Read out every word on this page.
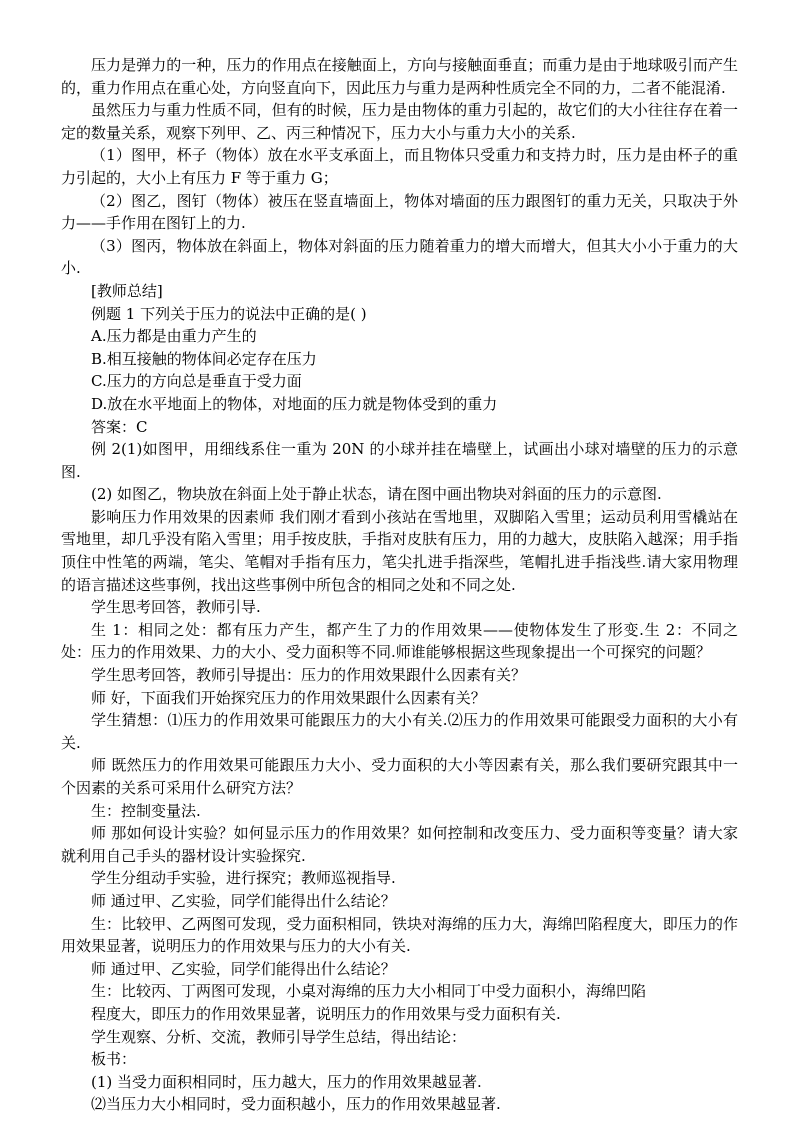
压力是弹力的一种，压力的作用点在接触面上，方向与接触面垂直；而重力是由于地球吸引而产生的，重力作用点在重心处，方向竖直向下，因此压力与重力是两种性质完全不同的力，二者不能混淆.

虽然压力与重力性质不同，但有的时候，压力是由物体的重力引起的，故它们的大小往往存在着一定的数量关系，观察下列甲、乙、丙三种情况下，压力大小与重力大小的关系.

（1）图甲，杯子（物体）放在水平支承面上，而且物体只受重力和支持力时，压力是由杯子的重力引起的，大小上有压力 F 等于重力 G；

（2）图乙，图钉（物体）被压在竖直墙面上，物体对墙面的压力跟图钉的重力无关，只取决于外力——手作用在图钉上的力.

（3）图丙，物体放在斜面上，物体对斜面的压力随着重力的增大而增大，但其大小小于重力的大小.

[教师总结]

例题 1 下列关于压力的说法中正确的是( )

A.压力都是由重力产生的

B.相互接触的物体间必定存在压力

C.压力的方向总是垂直于受力面

D.放在水平地面上的物体，对地面的压力就是物体受到的重力

答案：C

例 2(1)如图甲，用细线系住一重为 20N 的小球并挂在墙壁上，试画出小球对墙壁的压力的示意图.

(2) 如图乙，物块放在斜面上处于静止状态，请在图中画出物块对斜面的压力的示意图.

影响压力作用效果的因素师 我们刚才看到小孩站在雪地里，双脚陷入雪里；运动员利用雪橇站在雪地里，却几乎没有陷入雪里；用手按皮肤，手指对皮肤有压力，用的力越大，皮肤陷入越深；用手指顶住中性笔的两端，笔尖、笔帽对手指有压力，笔尖扎进手指深些，笔帽扎进手指浅些.请大家用物理的语言描述这些事例，找出这些事例中所包含的相同之处和不同之处.

学生思考回答，教师引导.

生 1：相同之处：都有压力产生，都产生了力的作用效果——使物体发生了形变.生 2：不同之处：压力的作用效果、力的大小、受力面积等不同.师谁能够根据这些现象提出一个可探究的问题？

学生思考回答，教师引导提出：压力的作用效果跟什么因素有关？

师 好，下面我们开始探究压力的作用效果跟什么因素有关？

学生猜想：⑴压力的作用效果可能跟压力的大小有关.⑵压力的作用效果可能跟受力面积的大小有关.

师 既然压力的作用效果可能跟压力大小、受力面积的大小等因素有关，那么我们要研究跟其中一个因素的关系可采用什么研究方法？

生：控制变量法.

师 那如何设计实验？如何显示压力的作用效果？如何控制和改变压力、受力面积等变量？请大家就利用自己手头的器材设计实验探究.

学生分组动手实验，进行探究；教师巡视指导.

师 通过甲、乙实验，同学们能得出什么结论？

生：比较甲、乙两图可发现，受力面积相同，铁块对海绵的压力大，海绵凹陷程度大，即压力的作用效果显著，说明压力的作用效果与压力的大小有关.

师 通过甲、乙实验，同学们能得出什么结论？

生：比较丙、丁两图可发现，小桌对海绵的压力大小相同丁中受力面积小，海绵凹陷

程度大，即压力的作用效果显著，说明压力的作用效果与受力面积有关.

学生观察、分析、交流，教师引导学生总结，得出结论：

板书：

(1) 当受力面积相同时，压力越大，压力的作用效果越显著.

⑵当压力大小相同时，受力面积越小，压力的作用效果越显著.
